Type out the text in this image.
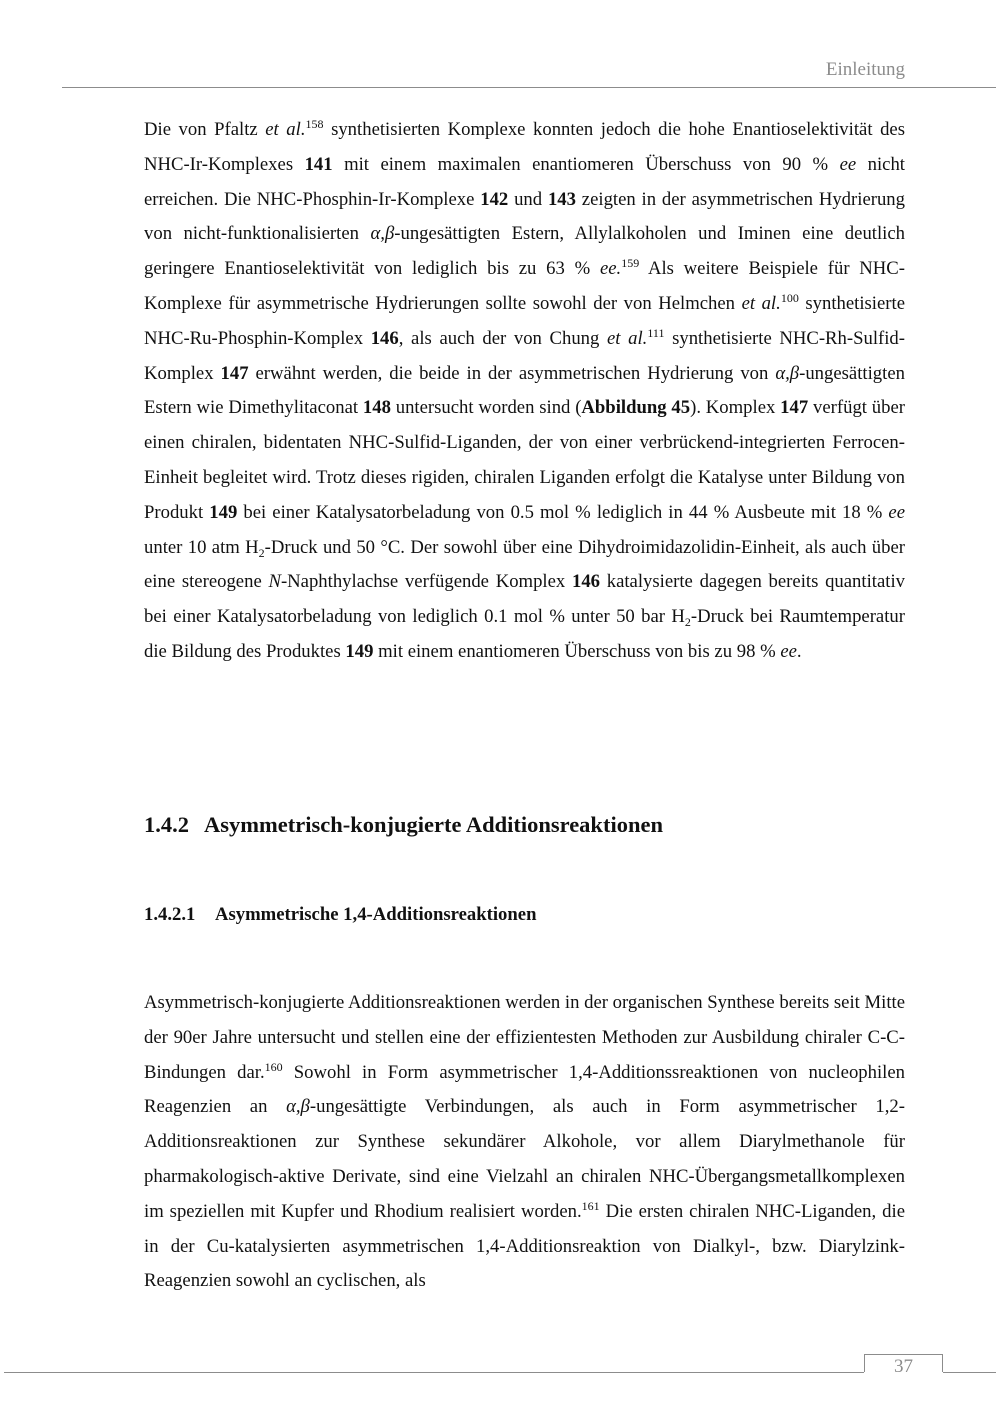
Einleitung

Die von Pfaltz et al.$^{158}$ synthetisierten Komplexe konnten jedoch die hohe Enantioselektivität des NHC-Ir-Komplexes 141 mit einem maximalen enantiomeren Überschuss von 90 % ee nicht erreichen. Die NHC-Phosphin-Ir-Komplexe 142 und 143 zeigten in der asymmetrischen Hydrierung von nicht-funktionalisierten α,β-ungesättigten Estern, Allylalkoholen und Iminen eine deutlich geringere Enantioselektivität von lediglich bis zu 63 % ee.$^{159}$ Als weitere Beispiele für NHC-Komplexe für asymmetrische Hydrierungen sollte sowohl der von Helmchen et al.$^{100}$ synthetisierte NHC-Ru-Phosphin-Komplex 146, als auch der von Chung et al.$^{111}$ synthetisierte NHC-Rh-Sulfid-Komplex 147 erwähnt werden, die beide in der asymmetrischen Hydrierung von α,β-ungesättigten Estern wie Dimethylitaconat 148 untersucht worden sind (Abbildung 45). Komplex 147 verfügt über einen chiralen, bidentaten NHC-Sulfid-Liganden, der von einer verbrückend-integrierten Ferrocen-Einheit begleitet wird. Trotz dieses rigiden, chiralen Liganden erfolgt die Katalyse unter Bildung von Produkt 149 bei einer Katalysatorbeladung von 0.5 mol % lediglich in 44 % Ausbeute mit 18 % ee unter 10 atm $H_2$-Druck und 50 °C. Der sowohl über eine Dihydroimidazolidin-Einheit, als auch über eine stereogene N-Naphthylachse verfügende Komplex 146 katalysierte dagegen bereits quantitativ bei einer Katalysatorbeladung von lediglich 0.1 mol % unter 50 bar $H_2$-Druck bei Raumtemperatur die Bildung des Produktes 149 mit einem enantiomeren Überschuss von bis zu 98 % ee.

1.4.2 Asymmetrisch-konjugierte Additionsreaktionen
1.4.2.1 Asymmetrische 1,4-Additionsreaktionen

Asymmetrisch-konjugierte Additionsreaktionen werden in der organischen Synthese bereits seit Mitte der 90er Jahre untersucht und stellen eine der effizientesten Methoden zur Ausbildung chiraler C-C-Bindungen dar.$^{160}$ Sowohl in Form asymmetrischer 1,4-Additionssreaktionen von nucleophilen Reagenzien an α,β-ungesättigte Verbindungen, als auch in Form asymmetrischer 1,2-Additionsreaktionen zur Synthese sekundärer Alkohole, vor allem Diarylmethanole für pharmakologisch-aktive Derivate, sind eine Vielzahl an chiralen NHC-Übergangsmetallkomplexen im speziellen mit Kupfer und Rhodium realisiert worden.$^{161}$ Die ersten chiralen NHC-Liganden, die in der Cu-katalysierten asymmetrischen 1,4-Additionsreaktion von Dialkyl-, bzw. Diarylzink-Reagenzien sowohl an cyclischen, als

37
